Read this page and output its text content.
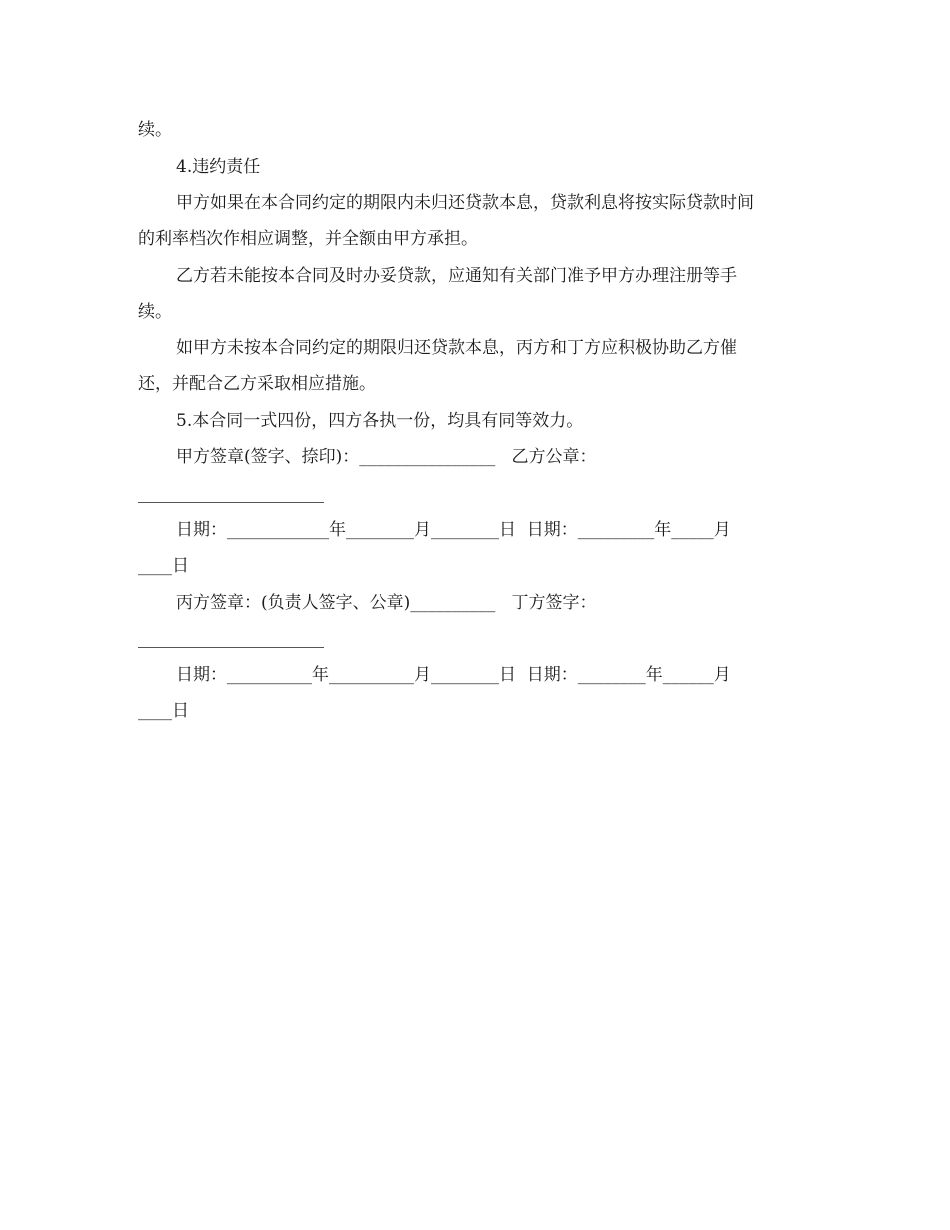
续。
4.违约责任
甲方如果在本合同约定的期限内未归还贷款本息，贷款利息将按实际贷款时间
的利率档次作相应调整，并全额由甲方承担。
乙方若未能按本合同及时办妥贷款，应通知有关部门准予甲方办理注册等手
续。
如甲方未按本合同约定的期限归还贷款本息，丙方和丁方应积极协助乙方催
还，并配合乙方采取相应措施。
5.本合同一式四份，四方各执一份，均具有同等效力。
甲方签章(签字、捺印)：________________   乙方公章：
日期：____________年________月________日  日期：_________年_____月
____日
丙方签章：(负责人签字、公章)__________   丁方签字：
日期：__________年__________月________日  日期：________年______月
____日
